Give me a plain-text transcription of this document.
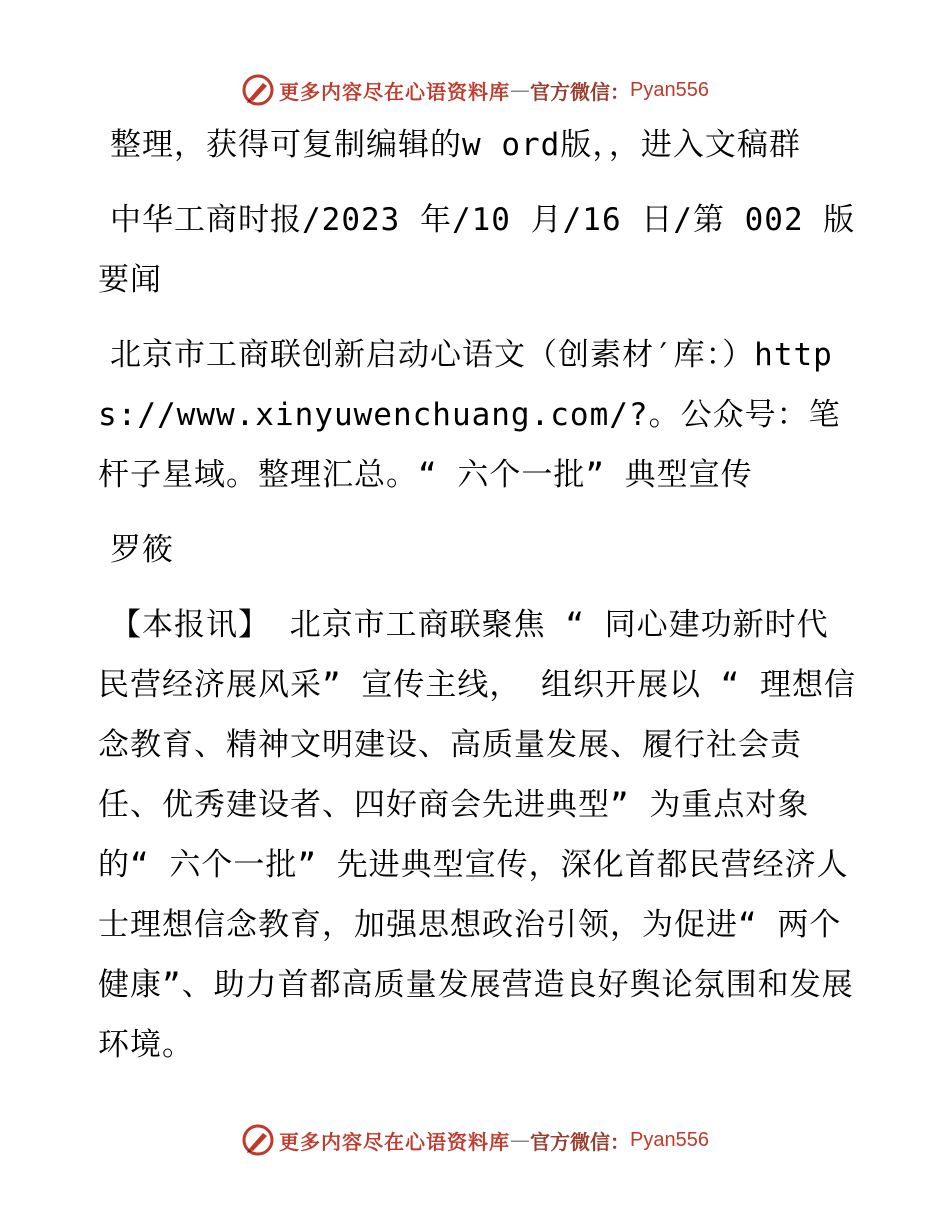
更多内容尽在心语资料库 — 官方微信： Pyan556

整理，获得可复制编辑的w ord版，，进入文稿群

中华工商时报/2023 年/10 月/16 日/第 002 版要闻

北京市工商联创新启动心语文（创素材′库：）https://www.xinyuwenchuang.com/?。公众号：笔杆子星域。整理汇总。“ 六个一批” 典型宣传

罗筱

【本报讯】 北京市工商联聚焦 “ 同心建功新时代民营经济展风采” 宣传主线， 组织开展以 “ 理想信念教育、精神文明建设、高质量发展、履行社会责任、优秀建设者、四好商会先进典型” 为重点对象的“ 六个一批” 先进典型宣传，深化首都民营经济人士理想信念教育，加强思想政治引领，为促进“ 两个健康”、助力首都高质量发展营造良好舆论氛围和发展环境。

更多内容尽在心语资料库 — 官方微信： Pyan556
